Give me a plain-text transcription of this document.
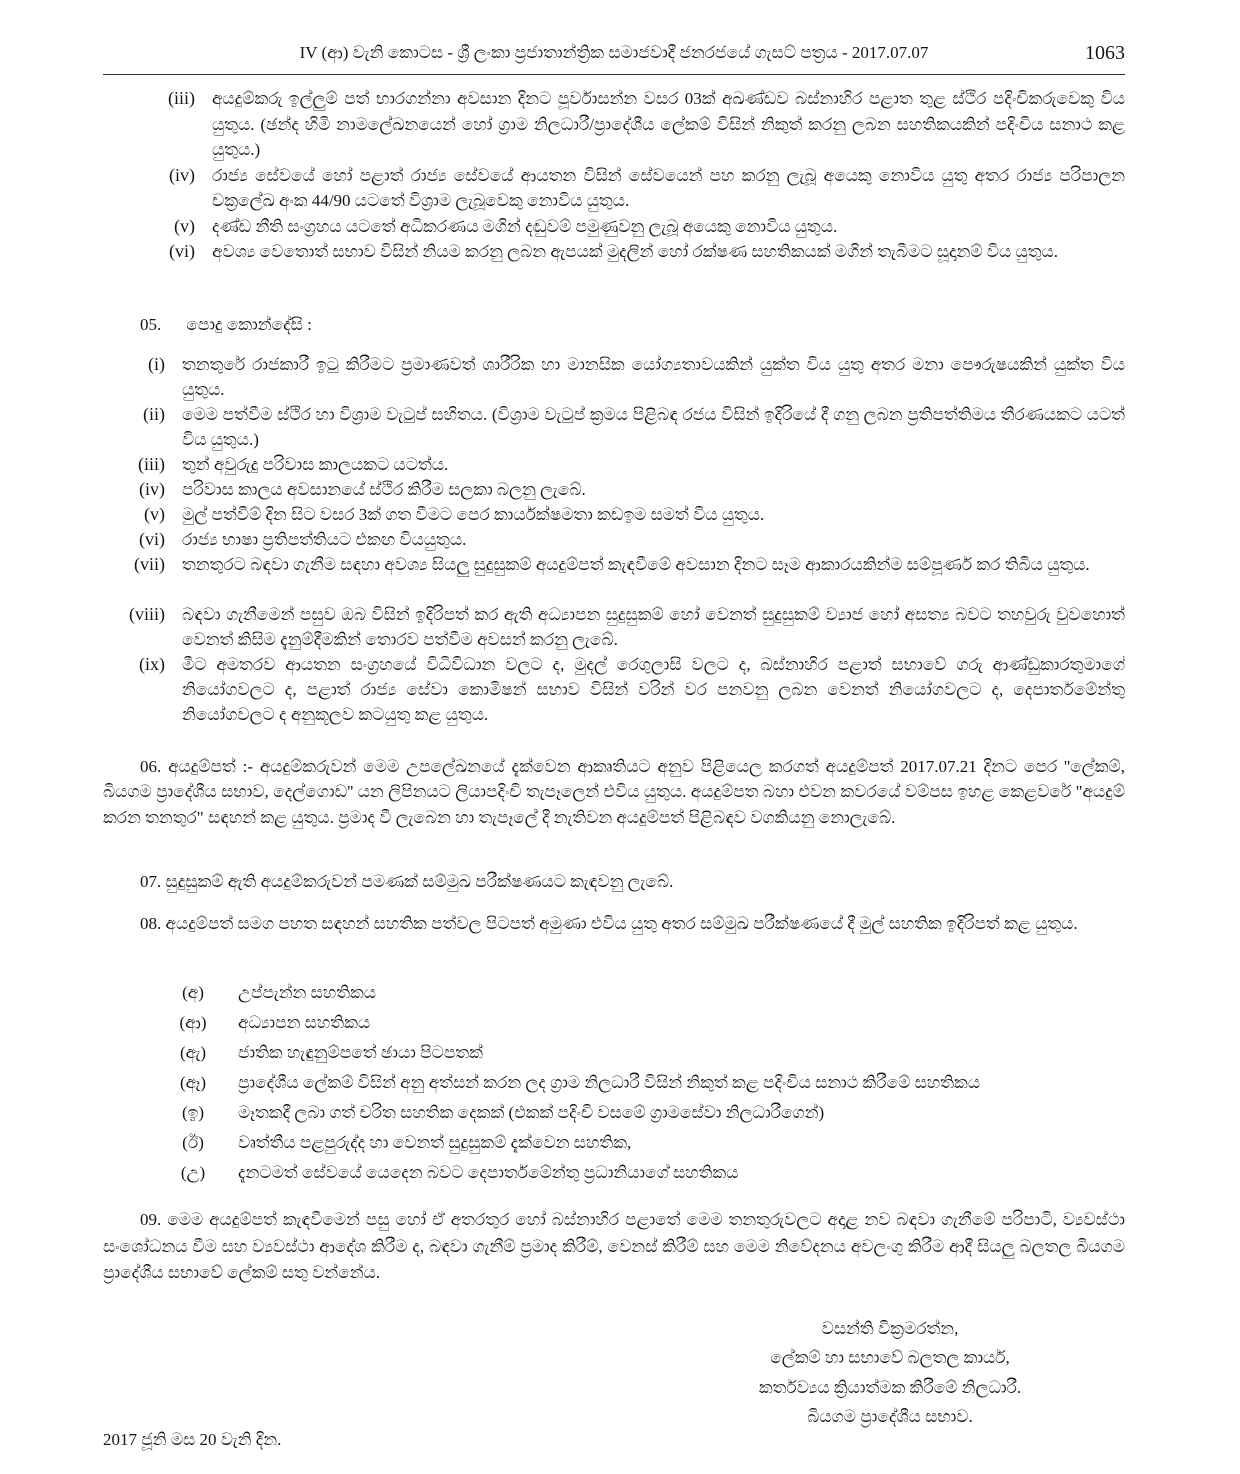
IV (ආ) වැනි කොටස - ශ්‍රී ලංකා ප්‍රජාතාන්ත්‍රික සමාජවාදී ජනරජයේ ගැසට් පත්‍රය - 2017.07.07	1063
(iii) අයදුම්කරු ඉල්ලුම් පත් භාරගන්නා අවසාන දිනට පූර්වාසන්න වසර 03ක් අඛණ්ඩව බස්නාහිර පළාත තුළ ස්ථිර පදිංචිකරුවෙකු විය යුතුය. (ඡන්ද හිමි නාමලේඛනයෙන් හෝ ග්‍රාම නිලධාරී/ප්‍රාදේශීය ලේකම් විසින් නිකුත් කරනු ලබන සහතිකයකින් පදිංචිය සනාථ කළ යුතුය.)
(iv) රාජ්‍ය සේවයේ හෝ පළාත් රාජ්‍ය සේවයේ ආයතන විසින් සේවයෙන් පහ කරනු ලැබූ අයෙකු නොවිය යුතු අතර රාජ්‍ය පරිපාලන චක්‍රලේඛ අංක 44/90 යටතේ විශ්‍රාම ලැබූවෙකු නොවිය යුතුය.
(v) දණ්ඩ නීති සංග්‍රහය යටතේ අධිකරණය මගින් දඬුවම් පමුණුවනු ලැබූ අයෙකු නොවිය යුතුය.
(vi) අවශ්‍ය වෙතොත් සභාව විසින් නියම කරනු ලබන ඇපයක් මුදලින් හෝ රක්ෂණ සහතිකයක් මගින් තැබීමට සූදානම් විය යුතුය.
05. පොදු කොන්දේසි :
(i) තනතුරේ රාජකාරී ඉටු කිරීමට ප්‍රමාණවත් ශාරීරික හා මානසික යෝග්‍යතාවයකින් යුක්ත විය යුතු අතර මනා පෞරුෂයකින් යුක්ත විය යුතුය.
(ii) මෙම පත්වීම ස්ථිර හා විශ්‍රාම වැටුප් සහිතය. (විශ්‍රාම වැටුප් ක්‍රමය පිළිබඳ රජය විසින් ඉදිරියේ දී ගනු ලබන ප්‍රතිපත්තිමය තීරණයකට යටත් විය යුතුය.)
(iii) තුන් අවුරුදු පරිවාස කාලයකට යටත්ය.
(iv) පරිවාස කාලය අවසානයේ ස්ථිර කිරීම සලකා බලනු ලැබේ.
(v) මුල් පත්වීම් දින සිට වසර 3ක් ගත වීමට පෙර කාර්යක්ෂමතා කඩඉම සමත් විය යුතුය.
(vi) රාජ්‍ය භාෂා ප්‍රතිපත්තියට එකඟ වියයුතුය.
(vii) තනතුරට බඳවා ගැනීම සඳහා අවශ්‍ය සියලු සුදුසුකම් අයදුම්පත් කැඳවීමේ අවසාන දිනට සෑම ආකාරයකින්ම සම්පූර්ණ කර තිබිය යුතුය.
(viii) බඳවා ගැනීමෙන් පසුව ඔබ විසින් ඉදිරිපත් කර ඇති අධ්‍යාපන සුදුසුකම් හෝ වෙනත් සුදුසුකම් ව්‍යාජ හෝ අසත්‍ය බවට තහවුරු වුවහොත් වෙනත් කිසිම දැනුම්දීමකින් තොරව පත්වීම අවසන් කරනු ලැබේ.
(ix) මීට අමතරව ආයතන සංග්‍රහයේ විධිවිධාන වලට ද, මුදල් රෙගුලාසි වලට ද, බස්නාහිර පළාත් සභාවේ ගරු ආණ්ඩුකාරතුමාගේ නියෝගවලට ද, පළාත් රාජ්‍ය සේවා කොමිෂන් සභාව විසින් වරින් වර පනවනු ලබන වෙනත් නියෝගවලට ද, දෙපාර්තමේන්තු නියෝගවලට ද අනුකූලව කටයුතු කළ යුතුය.
06. අයදුම්පත් :- අයදුම්කරුවන් මෙම උපලේඛනයේ දැක්වෙන ආකෘතියට අනුව පිළියෙල කරගත් අයදුම්පත් 2017.07.21 දිනට පෙර ''ලේකම්, බියගම ප්‍රාදේශීය සභාව, දෙල්ගොඩ'' යන ලිපිනයට ලියාපදිංචි තැපෑලෙන් එවිය යුතුය. අයදුම්පත බහා එවන කවරයේ වම්පස ඉහළ කෙළවරේ "අයදුම් කරන තනතුර" සඳහන් කළ යුතුය. ප්‍රමාද වී ලැබෙන හා තැපෑලේ දී නැතිවන අයදුම්පත් පිළිබඳව වගකියනු නොලැබේ.
07. සුදුසුකම් ඇති අයදුම්කරුවන් පමණක් සම්මුඛ පරීක්ෂණයට කැඳවනු ලැබේ.
08. අයදුම්පත් සමග පහත සඳහන් සහතික පත්වල පිටපත් අමුණා එවිය යුතු අතර සම්මුඛ පරීක්ෂණයේ දී මුල් සහතික ඉදිරිපත් කළ යුතුය.
(අ)	උප්පැන්න සහතිකය
(ආ)	අධ්‍යාපන සහතිකය
(ඇ)	ජාතික හැඳුනුම්පතේ ඡායා පිටපතක්
(ඈ)	ප්‍රාදේශීය ලේකම් විසින් අනු අත්සන් කරන ලද ග්‍රාම නිලධාරී විසින් නිකුත් කළ පදිංචිය සනාථ කිරීමේ සහතිකය
(ඉ)	මෑතකදී ලබා ගත් චරිත සහතික දෙකක් (එකක් පදිංචි වසමේ ග්‍රාමසේවා නිලධාරීගෙන්)
(ඊ)	වෘත්තීය පළපුරුද්ද හා වෙනත් සුදුසුකම් දැක්වෙන සහතික,
(උ)	දැනටමත් සේවයේ යෙදෙන බවට දෙපාර්තමේන්තු ප්‍රධානියාගේ සහතිකය
09. මෙම අයදුම්පත් කැඳවීමෙන් පසු හෝ ඒ අතරතුර හෝ බස්නාහිර පළාතේ මෙම තනතුරුවලට අදාළ නව බඳවා ගැනීමේ පරිපාටි, ව්‍යවස්ථා සංශෝධනය වීම සහ ව්‍යවස්ථා ආදේශ කිරීම ද, බඳවා ගැනීම් ප්‍රමාද කිරීම්, වෙනස් කිරීම් සහ මෙම නිවේදනය අවලංගු කිරීම ආදී සියලු බලතල බියගම ප්‍රාදේශීය සභාවේ ලේකම් සතු වන්නේය.
වසන්ති වික්‍රමරත්න,
ලේකම් හා සභාවේ බලතල කාර්ය,
කර්තව්‍යය ක්‍රියාත්මක කිරීමේ නිලධාරී.
බියගම ප්‍රාදේශීය සභාව.
2017 ජූනි මස 20 වැනි දින.
